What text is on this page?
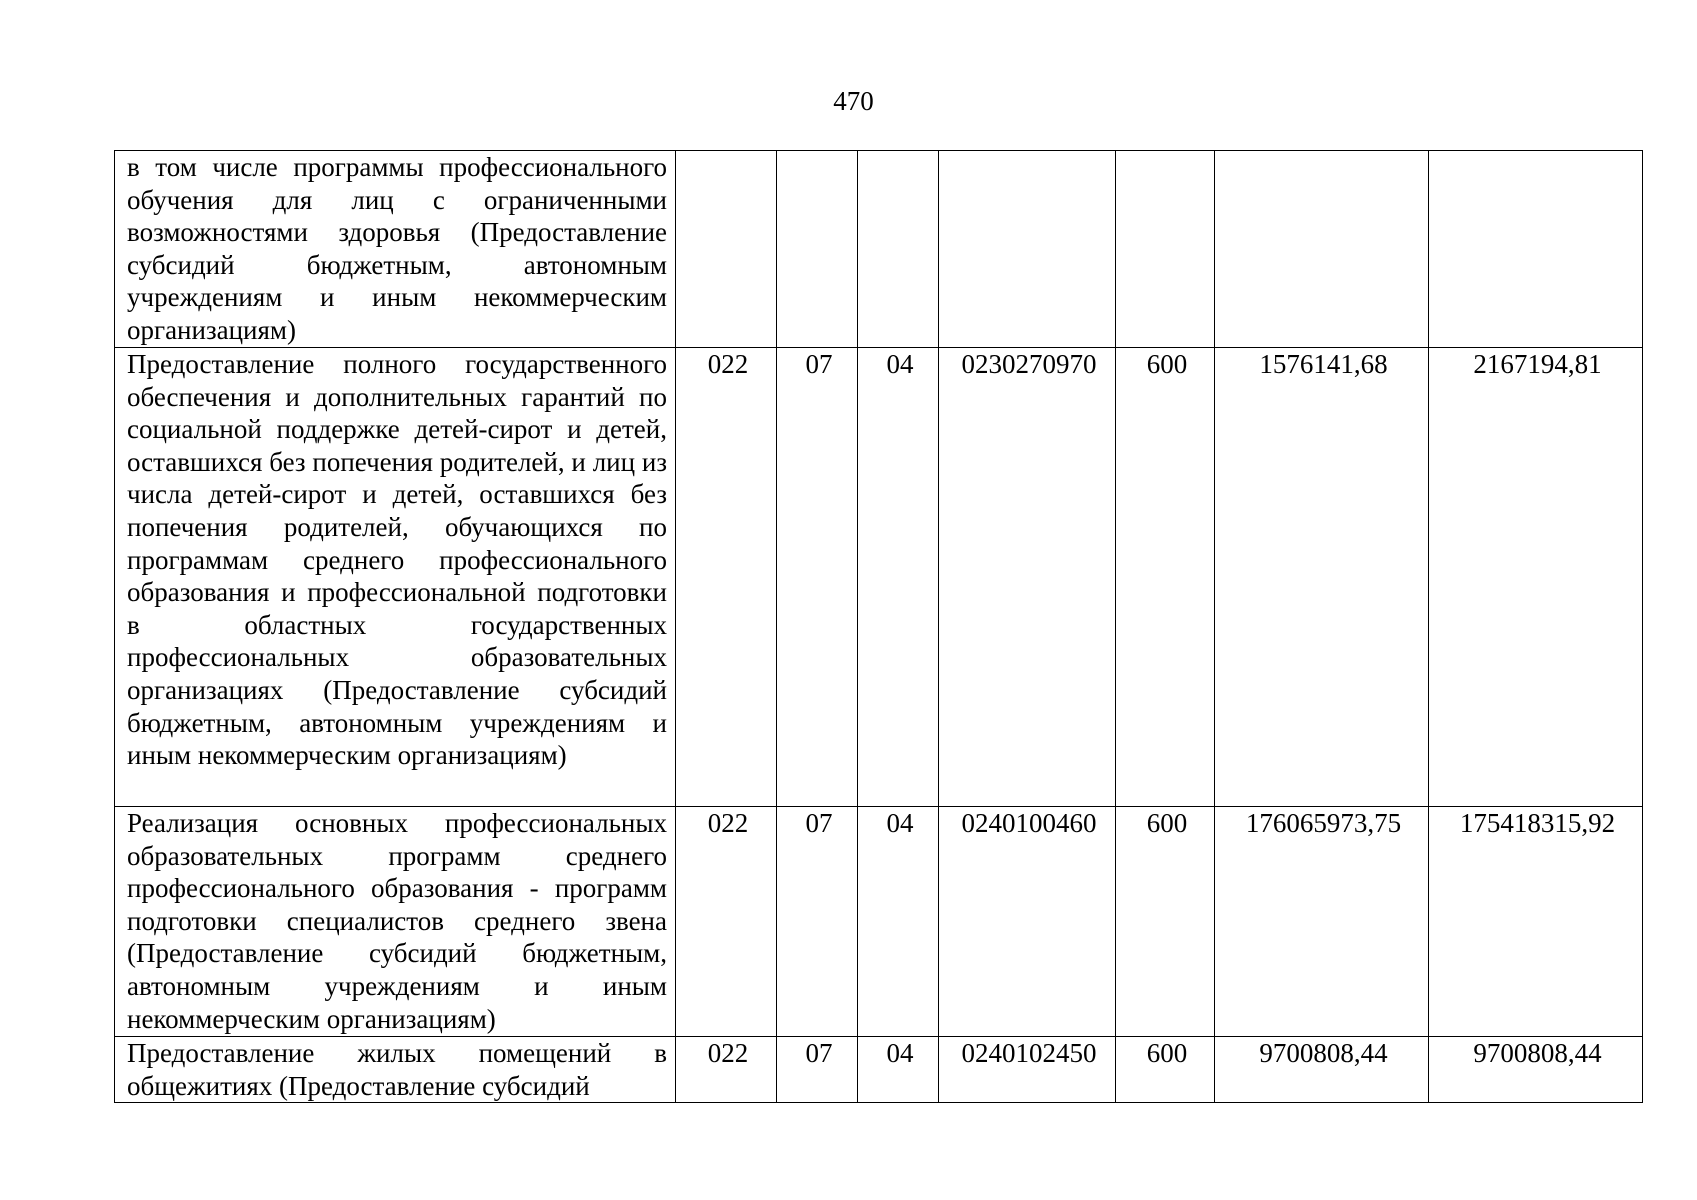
470
в том числе программы профессионального обучения для лиц с ограниченными возможностями здоровья (Предоставление субсидий бюджетным, автономным учреждениям и иным некоммерческим организациям)							
Предоставление полного государственного обеспечения и дополнительных гарантий по социальной поддержке детей-сирот и детей, оставшихся без попечения родителей, и лиц из числа детей-сирот и детей, оставшихся без попечения родителей, обучающихся по программам среднего профессионального образования и профессиональной подготовки в областных государственных профессиональных образовательных организациях (Предоставление субсидий бюджетным, автономным учреждениям и иным некоммерческим организациям)	022	07	04	0230270970	600	1576141,68	2167194,81
Реализация основных профессиональных образовательных программ среднего профессионального образования - программ подготовки специалистов среднего звена (Предоставление субсидий бюджетным, автономным учреждениям и иным некоммерческим организациям)	022	07	04	0240100460	600	176065973,75	175418315,92
Предоставление жилых помещений в общежитиях (Предоставление субсидий	022	07	04	0240102450	600	9700808,44	9700808,44
